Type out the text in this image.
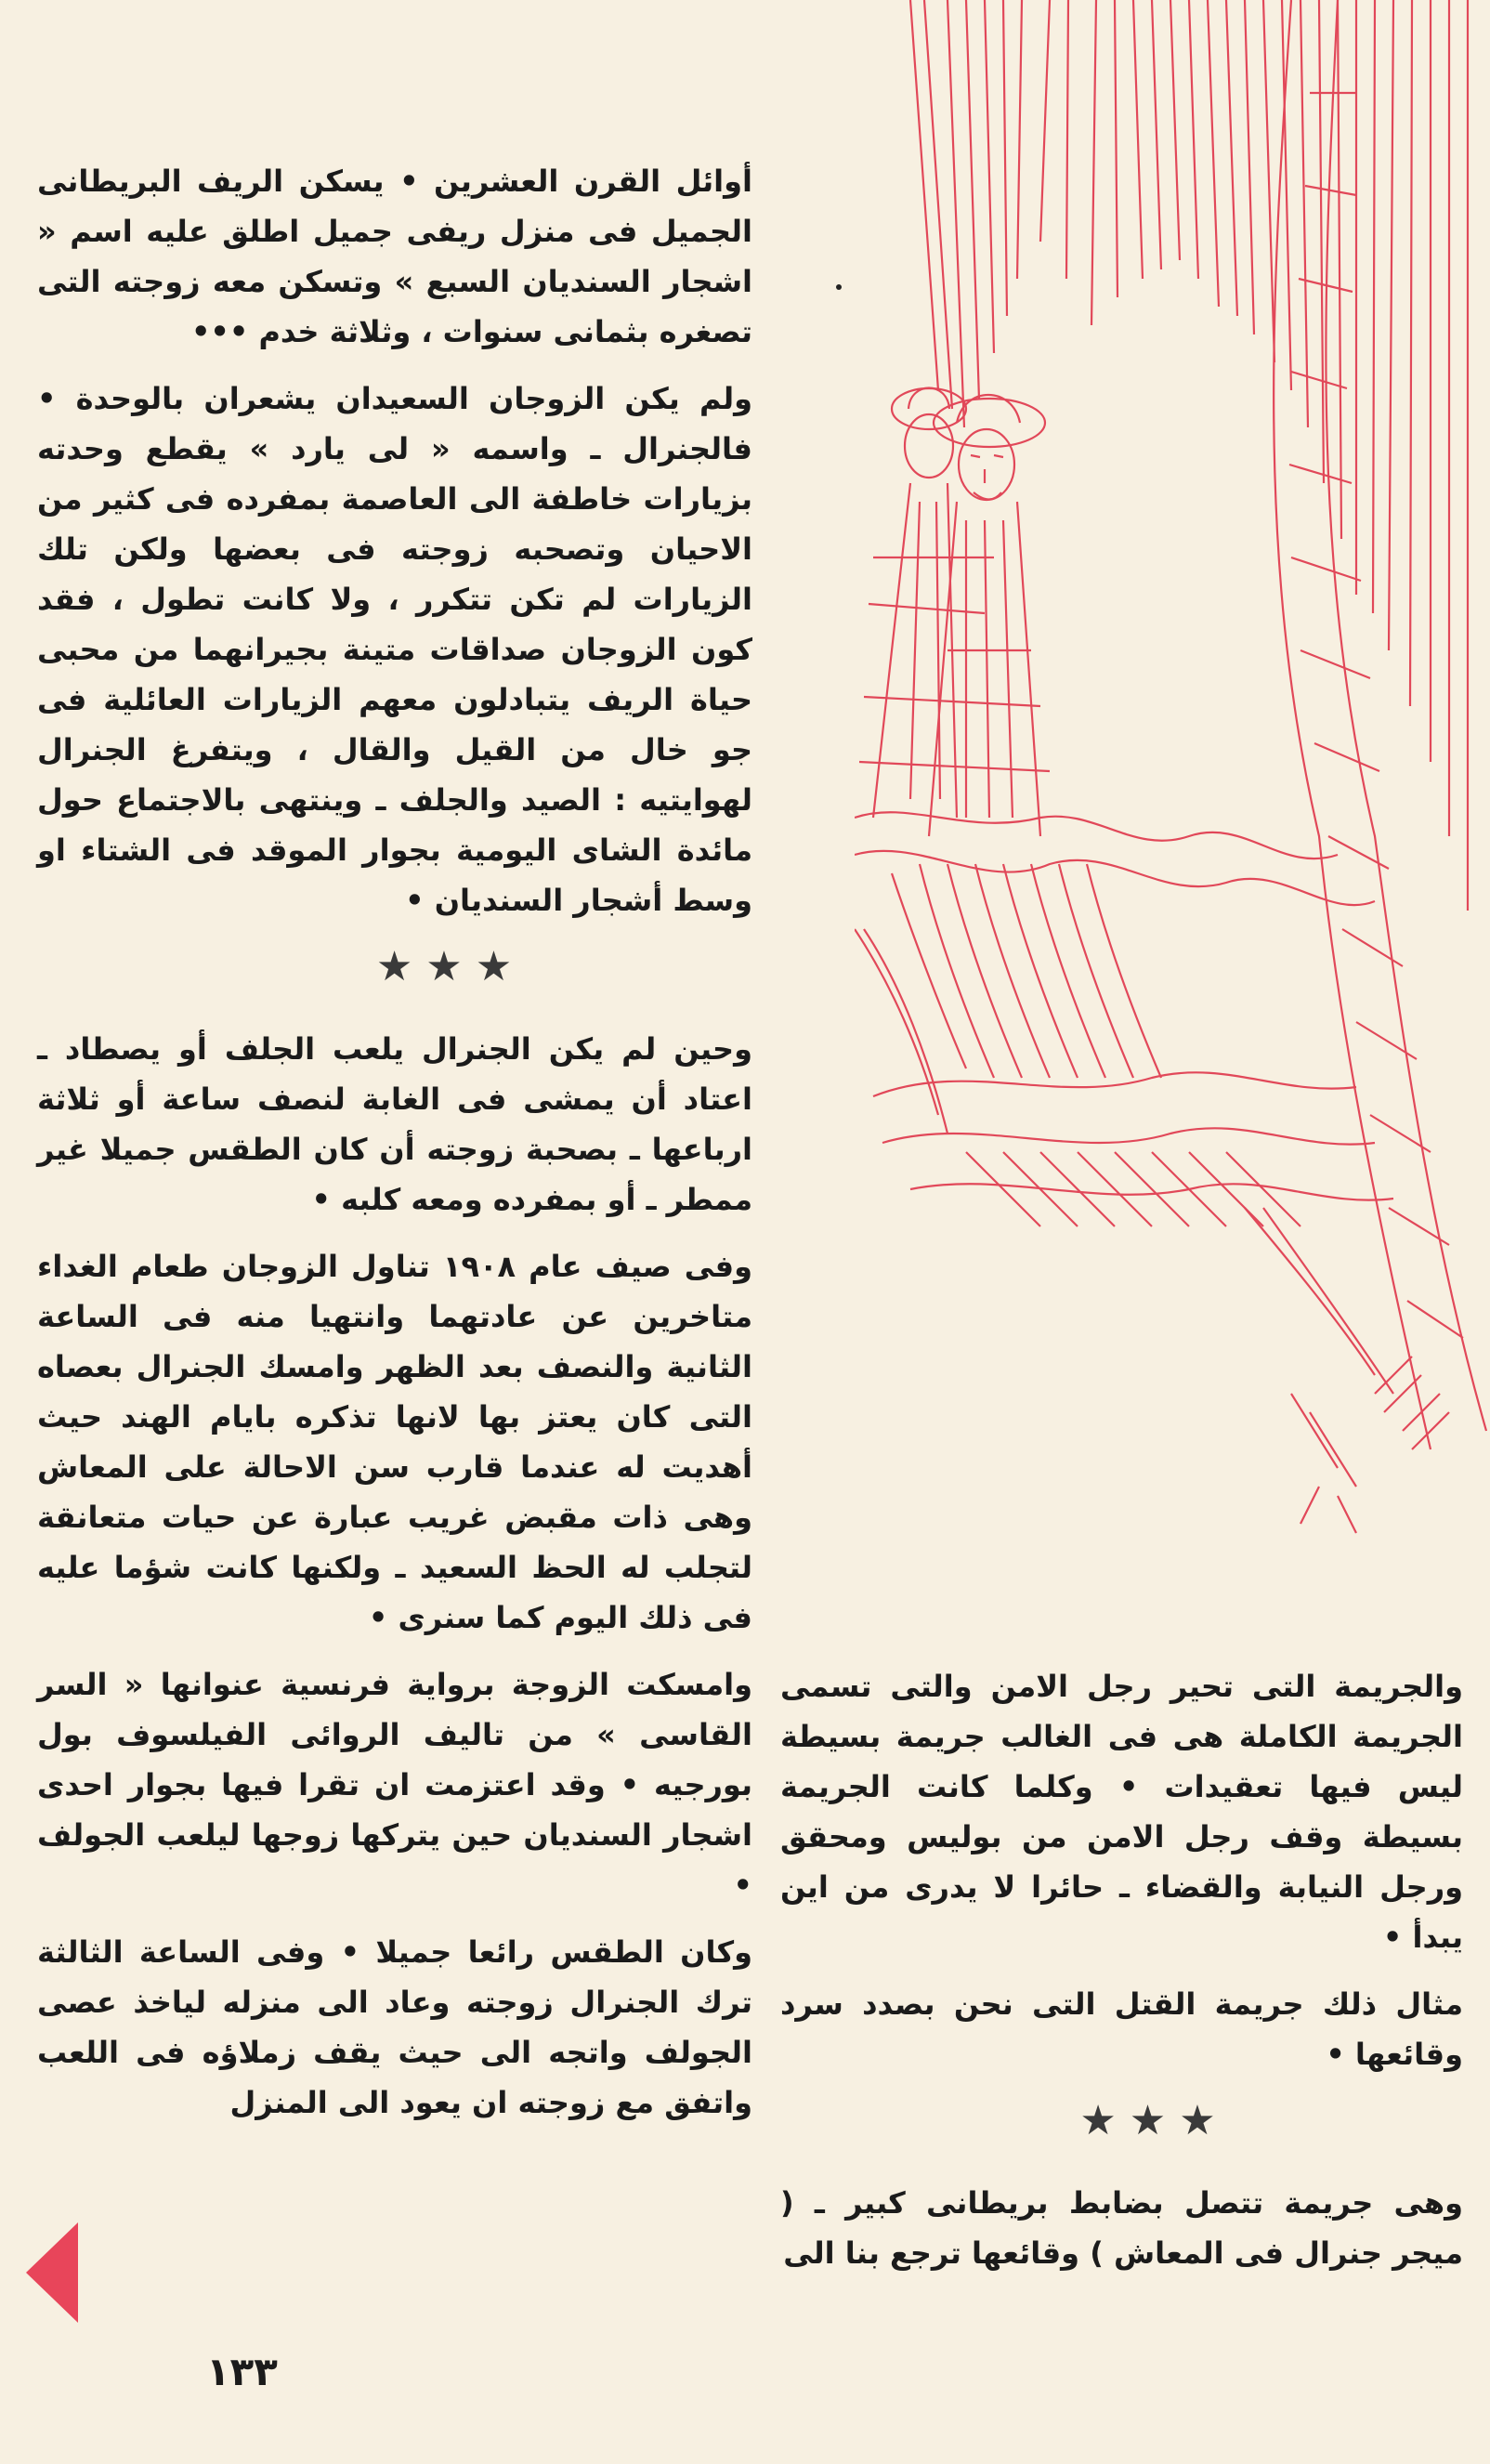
أوائل القرن العشرين • يسكن الريف البريطانى الجميل فى منزل ريفى جميل اطلق عليه اسم « اشجار السنديان السبع » وتسكن معه زوجته التى تصغره بثمانى سنوات ، وثلاثة خدم •••

ولم يكن الزوجان السعيدان يشعران بالوحدة • فالجنرال ـ واسمه « لى يارد » يقطع وحدته بزيارات خاطفة الى العاصمة بمفرده فى كثير من الاحيان وتصحبه زوجته فى بعضها ولكن تلك الزيارات لم تكن تتكرر ، ولا كانت تطول ، فقد كون الزوجان صداقات متينة بجيرانهما من محبى حياة الريف يتبادلون معهم الزيارات العائلية فى جو خال من القيل والقال ، ويتفرغ الجنرال لهوايتيه : الصيد والجلف ـ وينتهى بالاجتماع حول مائدة الشاى اليومية بجوار الموقد فى الشتاء او وسط أشجار السنديان •

★★★

وحين لم يكن الجنرال يلعب الجلف أو يصطاد ـ اعتاد أن يمشى فى الغابة لنصف ساعة أو ثلاثة ارباعها ـ بصحبة زوجته أن كان الطقس جميلا غير ممطر ـ أو بمفرده ومعه كلبه •

وفى صيف عام ١٩٠٨ تناول الزوجان طعام الغداء متاخرين عن عادتهما وانتهيا منه فى الساعة الثانية والنصف بعد الظهر وامسك الجنرال بعصاه التى كان يعتز بها لانها تذكره بايام الهند حيث أهديت له عندما قارب سن الاحالة على المعاش وهى ذات مقبض غريب عبارة عن حيات متعانقة لتجلب له الحظ السعيد ـ ولكنها كانت شؤما عليه فى ذلك اليوم كما سنرى •

وامسكت الزوجة برواية فرنسية عنوانها « السر القاسى » من تاليف الروائى الفيلسوف بول بورجيه • وقد اعتزمت ان تقرا فيها بجوار احدى اشجار السنديان حين يتركها زوجها ليلعب الجولف •

وكان الطقس رائعا جميلا • وفى الساعة الثالثة ترك الجنرال زوجته وعاد الى منزله لياخذ عصى الجولف واتجه الى حيث يقف زملاؤه فى اللعب واتفق مع زوجته ان يعود الى المنزل

والجريمة التى تحير رجل الامن والتى تسمى الجريمة الكاملة هى فى الغالب جريمة بسيطة ليس فيها تعقيدات • وكلما كانت الجريمة بسيطة وقف رجل الامن من بوليس ومحقق ورجل النيابة والقضاء ـ حائرا لا يدرى من اين يبدأ •

مثال ذلك جريمة القتل التى نحن بصدد سرد وقائعها •

★★★

وهى جريمة تتصل بضابط بريطانى كبير ـ ( ميجر جنرال فى المعاش ) وقائعها ترجع بنا الى

١٣٣
